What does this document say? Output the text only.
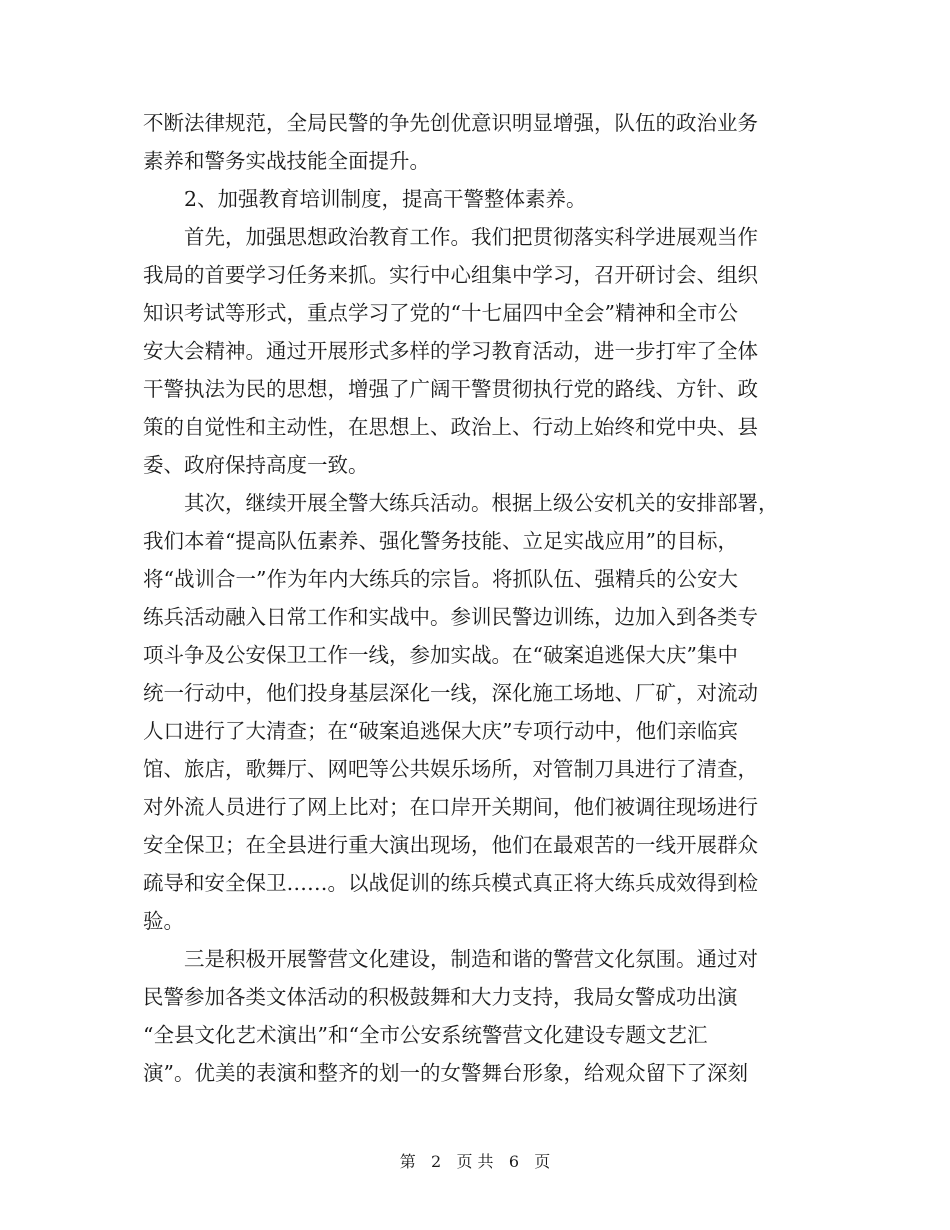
不断法律规范，全局民警的争先创优意识明显增强，队伍的政治业务
素养和警务实战技能全面提升。
2、加强教育培训制度，提高干警整体素养。
首先，加强思想政治教育工作。我们把贯彻落实科学进展观当作
我局的首要学习任务来抓。实行中心组集中学习，召开研讨会、组织
知识考试等形式，重点学习了党的“十七届四中全会”精神和全市公
安大会精神。通过开展形式多样的学习教育活动，进一步打牢了全体
干警执法为民的思想，增强了广阔干警贯彻执行党的路线、方针、政
策的自觉性和主动性，在思想上、政治上、行动上始终和党中央、县
委、政府保持高度一致。
其次，继续开展全警大练兵活动。根据上级公安机关的安排部署，
我们本着“提高队伍素养、强化警务技能、立足实战应用”的目标，
将“战训合一”作为年内大练兵的宗旨。将抓队伍、强精兵的公安大
练兵活动融入日常工作和实战中。参训民警边训练，边加入到各类专
项斗争及公安保卫工作一线，参加实战。在“破案追逃保大庆”集中
统一行动中，他们投身基层深化一线，深化施工场地、厂矿，对流动
人口进行了大清查；在“破案追逃保大庆”专项行动中，他们亲临宾
馆、旅店，歌舞厅、网吧等公共娱乐场所，对管制刀具进行了清查，
对外流人员进行了网上比对；在口岸开关期间，他们被调往现场进行
安全保卫；在全县进行重大演出现场，他们在最艰苦的一线开展群众
疏导和安全保卫……。以战促训的练兵模式真正将大练兵成效得到检
验。
三是积极开展警营文化建设，制造和谐的警营文化氛围。通过对
民警参加各类文体活动的积极鼓舞和大力支持，我局女警成功出演
“全县文化艺术演出”和“全市公安系统警营文化建设专题文艺汇
演”。优美的表演和整齐的划一的女警舞台形象，给观众留下了深刻
第 2 页 共 6 页
